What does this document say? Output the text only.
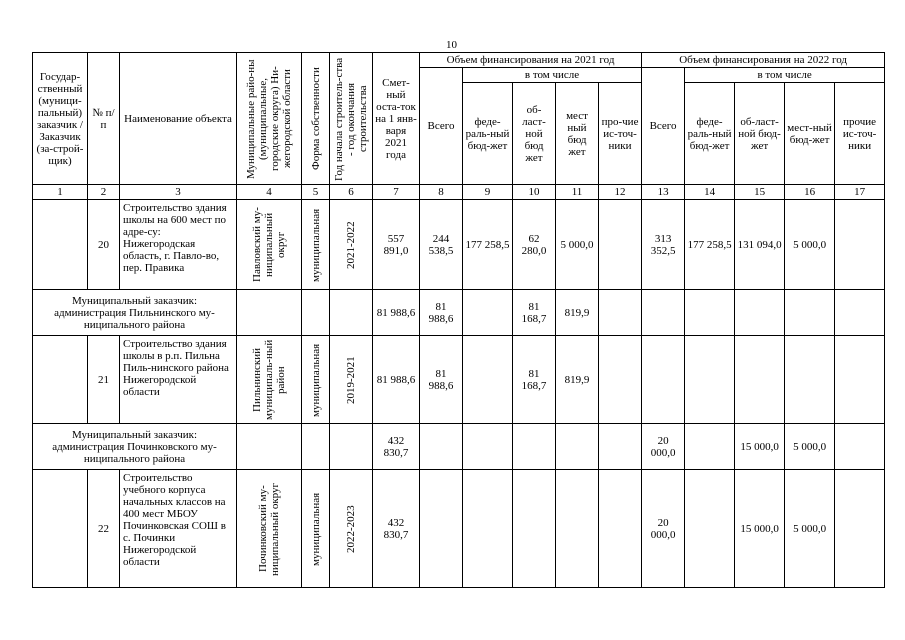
10
Государ-ственный (муници-пальный) заказчик / Заказчик (за-строй-щик)	№ п/п	Наименование объекта	Муниципальные райо-ны (муниципальные, городские округа) Ни-жегородской области	Форма собственности	Год начала строитель-ства - год окончания строительства	Смет-ный оста-ток на 1 янв-варя 2021 года	Объем финансирования на 2021 год					Объем финансирования на 2022 год				
							Всего	в том числе				Всего	в том числе			
								феде-раль-ный бюд-жет	об-ласт-ной бюд жет	мест ный бюд жет	про-чие ис-точ-ники		феде-раль-ный бюд-жет	об-ласт-ной бюд-жет	мест-ный бюд-жет	прочие ис-точ-ники
1	2	3	4	5	6	7	8	9	10	11	12	13	14	15	16	17
	20	Строительство здания школы на 600 мест по адре-су: Нижегородская область, г. Павло-во, пер. Правика	Павловский му-ниципальный округ	муниципальная	2021-2022	557 891,0	244 538,5	177 258,5	62 280,0	5 000,0		313 352,5	177 258,5	131 094,0	5 000,0	
Муниципальный заказчик: администрация Пильнинского му-ниципального района						81 988,6	81 988,6		81 168,7	819,9						
	21	Строительство здания школы в р.п. Пильна Пиль-нинского района Нижегородской области	Пильнинский муниципаль-ный район	муниципальная	2019-2021	81 988,6	81 988,6		81 168,7	819,9						
Муниципальный заказчик: администрация Починковского му-ниципального района						432 830,7						20 000,0		15 000,0	5 000,0	
	22	Строительство учебного корпуса начальных классов на 400 мест МБОУ Починковская СОШ в с. Починки Нижегородской области	Починковский му-ниципальный округ	муниципальная	2022-2023	432 830,7						20 000,0		15 000,0	5 000,0	
